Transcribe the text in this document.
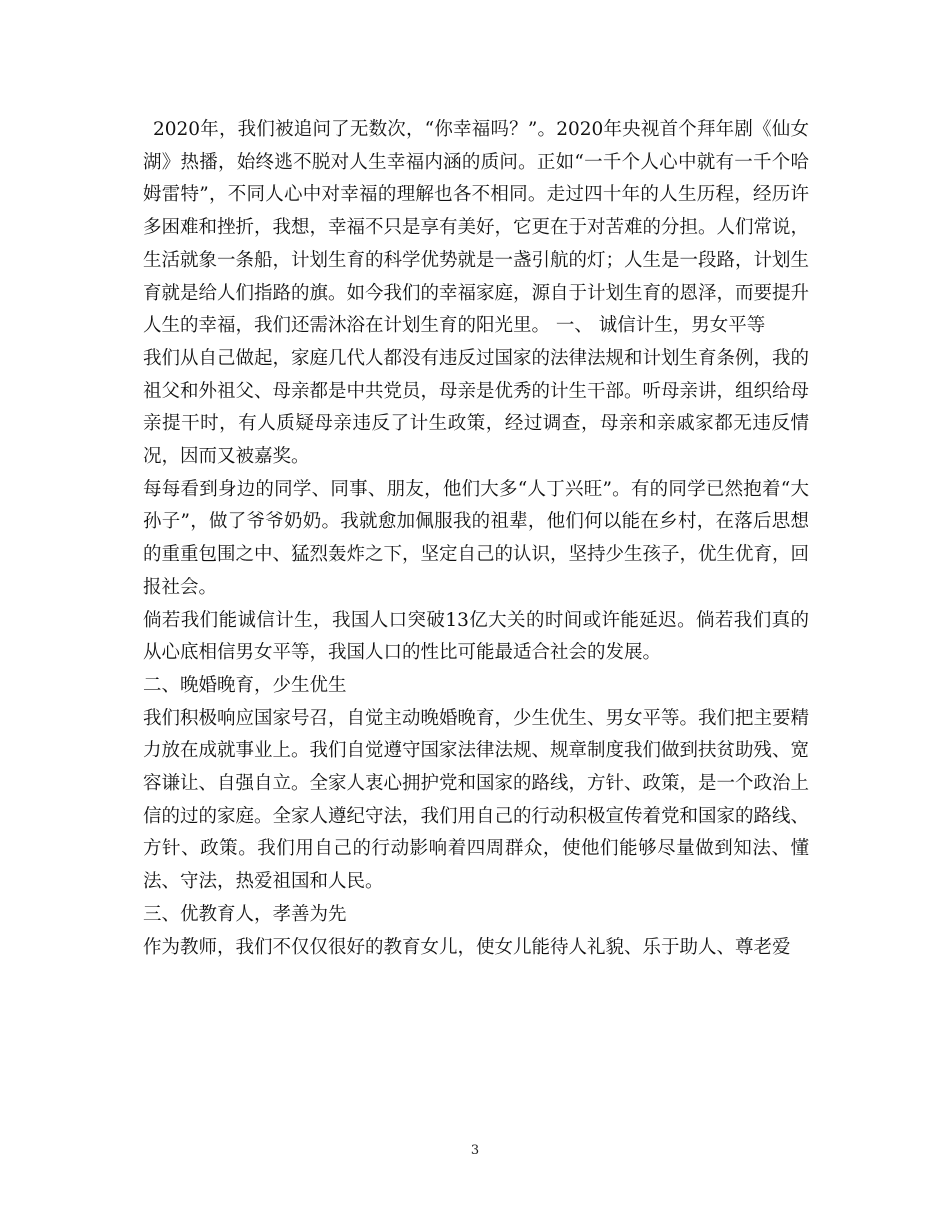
2020年，我们被追问了无数次，“你幸福吗？”。2020年央视首个拜年剧《仙女湖》热播，始终逃不脱对人生幸福内涵的质问。正如“一千个人心中就有一千个哈姆雷特”，不同人心中对幸福的理解也各不相同。走过四十年的人生历程，经历许多困难和挫折，我想，幸福不只是享有美好，它更在于对苦难的分担。人们常说，生活就象一条船，计划生育的科学优势就是一盏引航的灯；人生是一段路，计划生育就是给人们指路的旗。如今我们的幸福家庭，源自于计划生育的恩泽，而要提升人生的幸福，我们还需沐浴在计划生育的阳光里。 一、 诚信计生，男女平等

我们从自己做起，家庭几代人都没有违反过国家的法律法规和计划生育条例，我的祖父和外祖父、母亲都是中共党员，母亲是优秀的计生干部。听母亲讲，组织给母亲提干时，有人质疑母亲违反了计生政策，经过调查，母亲和亲戚家都无违反情况，因而又被嘉奖。

每每看到身边的同学、同事、朋友，他们大多“人丁兴旺”。有的同学已然抱着“大孙子”，做了爷爷奶奶。我就愈加佩服我的祖辈，他们何以能在乡村，在落后思想的重重包围之中、猛烈轰炸之下，坚定自己的认识，坚持少生孩子，优生优育，回报社会。

倘若我们能诚信计生，我国人口突破13亿大关的时间或许能延迟。倘若我们真的从心底相信男女平等，我国人口的性比可能最适合社会的发展。

二、晚婚晚育，少生优生

我们积极响应国家号召，自觉主动晚婚晚育，少生优生、男女平等。我们把主要精力放在成就事业上。我们自觉遵守国家法律法规、规章制度我们做到扶贫助残、宽容谦让、自强自立。全家人衷心拥护党和国家的路线，方针、政策，是一个政治上信的过的家庭。全家人遵纪守法，我们用自己的行动积极宣传着党和国家的路线、方针、政策。我们用自己的行动影响着四周群众，使他们能够尽量做到知法、懂法、守法，热爱祖国和人民。

三、优教育人，孝善为先

作为教师，我们不仅仅很好的教育女儿，使女儿能待人礼貌、乐于助人、尊老爱

3
